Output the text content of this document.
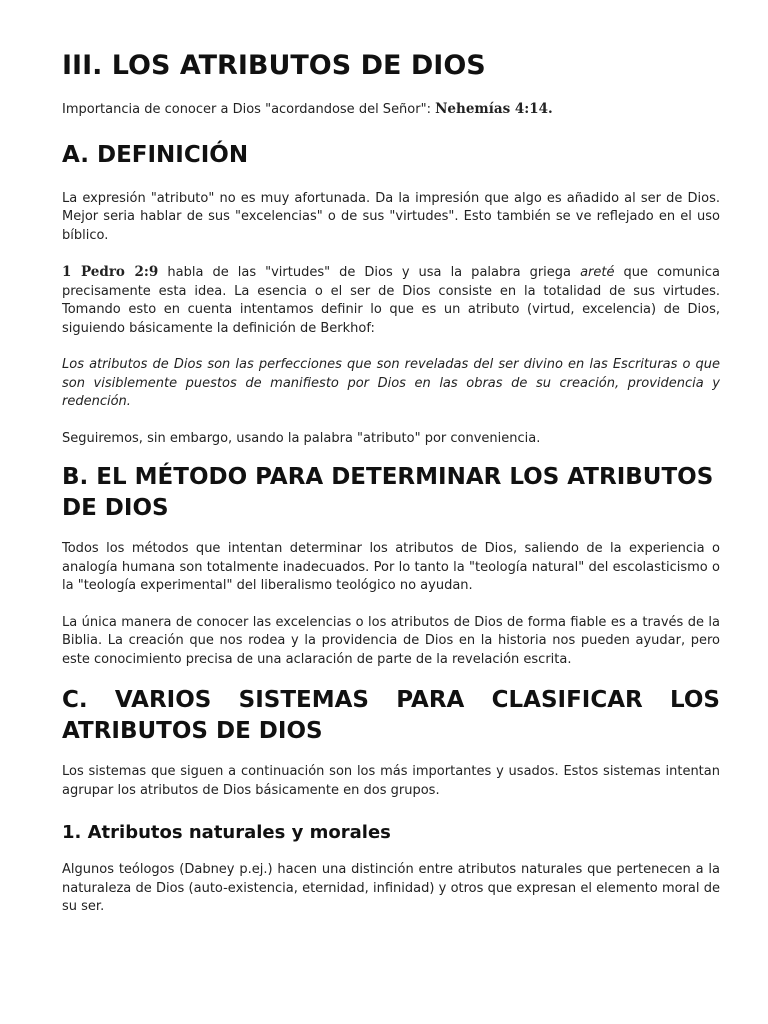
III. LOS ATRIBUTOS DE DIOS

Importancia de conocer a Dios "acordandose del Señor": Nehemías 4:14.

A. DEFINICIÓN

La expresión "atributo" no es muy afortunada. Da la impresión que algo es añadido al ser de Dios. Mejor seria hablar de sus "excelencias" o de sus "virtudes". Esto también se ve reflejado en el uso bíblico.

1 Pedro 2:9 habla de las "virtudes" de Dios y usa la palabra griega areté que comunica precisamente esta idea. La esencia o el ser de Dios consiste en la totalidad de sus virtudes. Tomando esto en cuenta intentamos definir lo que es un atributo (virtud, excelencia) de Dios, siguiendo básicamente la definición de Berkhof:

Los atributos de Dios son las perfecciones que son reveladas del ser divino en las Escrituras o que son visiblemente puestos de manifiesto por Dios en las obras de su creación, providencia y redención.

Seguiremos, sin embargo, usando la palabra "atributo" por conveniencia.

B. EL MÉTODO PARA DETERMINAR LOS ATRIBUTOS
DE DIOS

Todos los métodos que intentan determinar los atributos de Dios, saliendo de la experiencia o analogía humana son totalmente inadecuados. Por lo tanto la "teología natural" del escolasticismo o la "teología experimental" del liberalismo teológico no ayudan.

La única manera de conocer las excelencias o los atributos de Dios de forma fiable es a través de la Biblia. La creación que nos rodea y la providencia de Dios en la historia nos pueden ayudar, pero este conocimiento precisa de una aclaración de parte de la revelación escrita.

C. VARIOS SISTEMAS PARA CLASIFICAR LOS
ATRIBUTOS DE DIOS

Los sistemas que siguen a continuación son los más importantes y usados. Estos sistemas intentan agrupar los atributos de Dios básicamente en dos grupos.

1. Atributos naturales y morales

Algunos teólogos (Dabney p.ej.) hacen una distinción entre atributos naturales que pertenecen a la naturaleza de Dios (auto-existencia, eternidad, infinidad) y otros que expresan el elemento moral de su ser.
